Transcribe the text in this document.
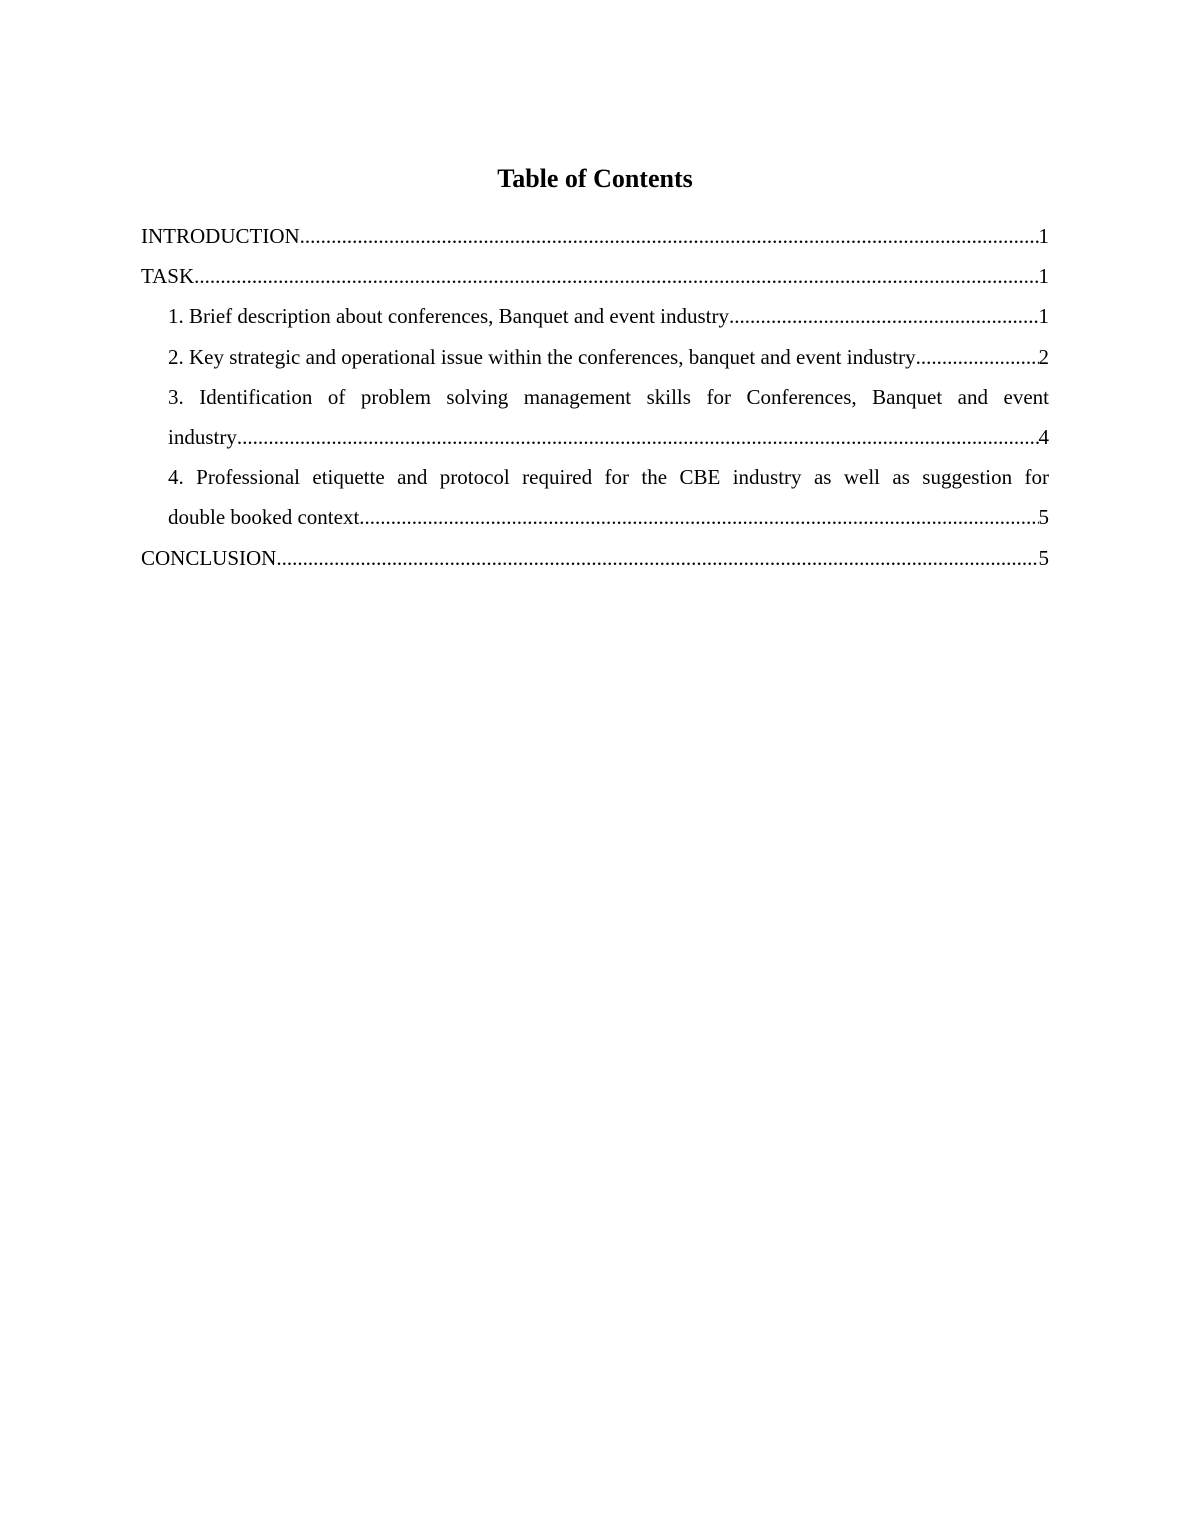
Table of Contents
INTRODUCTION .....	1
TASK .....	1
1. Brief description about conferences, Banquet and event industry .....	1
2. Key strategic and operational issue within the conferences, banquet and event industry .....	2
3. Identification of problem solving management skills for Conferences, Banquet and event
industry .....	4
4. Professional etiquette and protocol required for the CBE industry as well as suggestion for
double booked context .....	5
CONCLUSION .....	5
